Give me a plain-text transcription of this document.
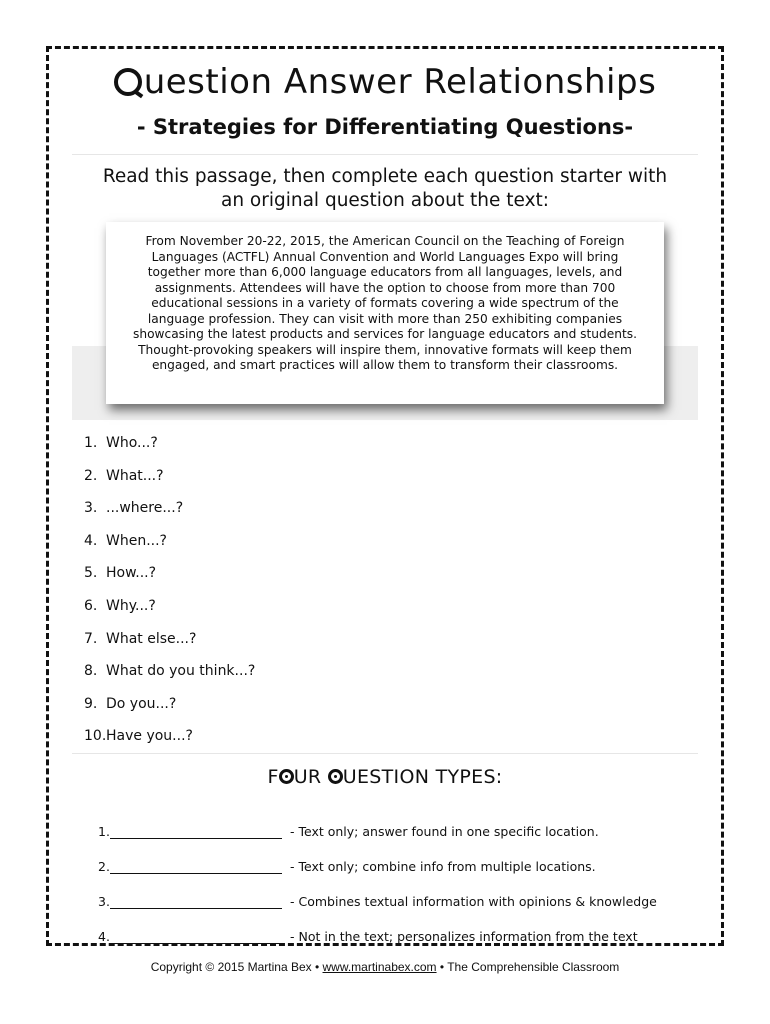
uestion Answer Relationships
- Strategies for Differentiating Questions-
Read this passage, then complete each question starter with an original question about the text:
From November 20-22, 2015, the American Council on the Teaching of Foreign Languages (ACTFL) Annual Convention and World Languages Expo will bring together more than 6,000 language educators from all languages, levels, and assignments. Attendees will have the option to choose from more than 700 educational sessions in a variety of formats covering a wide spectrum of the language profession. They can visit with more than 250 exhibiting companies showcasing the latest products and services for language educators and students. Thought-provoking speakers will inspire them, innovative formats will keep them engaged, and smart practices will allow them to transform their classrooms.
1. Who...?
2. What...?
3. ...where...?
4. When...?
5. How...?
6. Why...?
7. What else...?
8. What do you think...?
9. Do you...?
10. Have you...?
F UR UESTION TYPES:
1.	- Text only; answer found in one specific location.
2.	- Text only; combine info from multiple locations.
3.	- Combines textual information with opinions & knowledge
4.	- Not in the text; personalizes information from the text
Copyright © 2015 Martina Bex • www.martinabex.com • The Comprehensible Classroom
